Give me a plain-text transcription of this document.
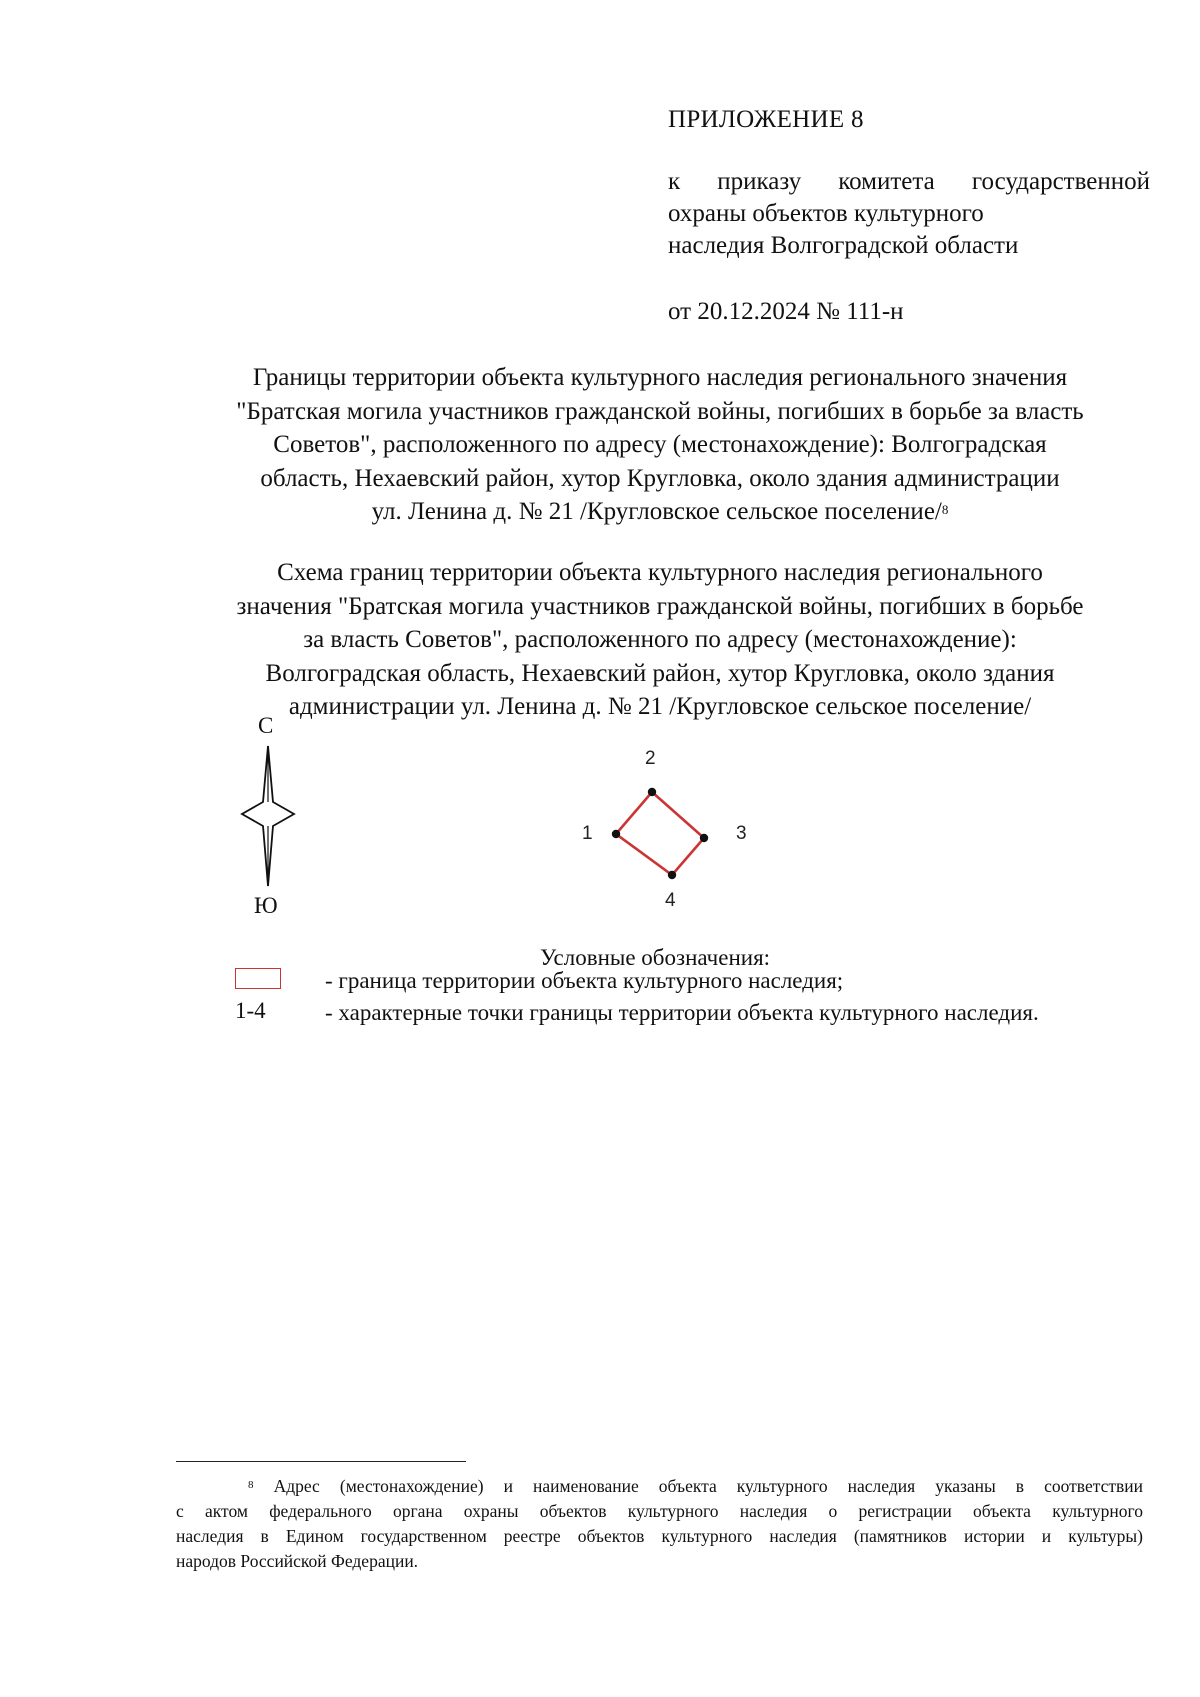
ПРИЛОЖЕНИЕ 8
к приказу комитета государственной
охраны объектов культурного
наследия Волгоградской области
от 20.12.2024 № 111-н
Границы территории объекта культурного наследия регионального значения
"Братская могила участников гражданской войны, погибших в борьбе за власть
Советов", расположенного по адресу (местонахождение): Волгоградская
область, Нехаевский район, хутор Кругловка, около здания администрации
ул. Ленина д. № 21 /Кругловское сельское поселение/$^8$
Схема границ территории объекта культурного наследия регионального
значения "Братская могила участников гражданской войны, погибших в борьбе
за власть Советов", расположенного по адресу (местонахождение):
Волгоградская область, Нехаевский район, хутор Кругловка, около здания
администрации ул. Ленина д. № 21 /Кругловское сельское поселение/
С
Ю
1
2
3
4
Условные обозначения:
- граница территории объекта культурного наследия;
1-4	- характерные точки границы территории объекта культурного наследия.
$^8$ Адрес (местонахождение) и наименование объекта культурного наследия указаны в соответствии
с актом федерального органа охраны объектов культурного наследия о регистрации объекта культурного
наследия в Едином государственном реестре объектов культурного наследия (памятников истории и культуры)
народов Российской Федерации.
